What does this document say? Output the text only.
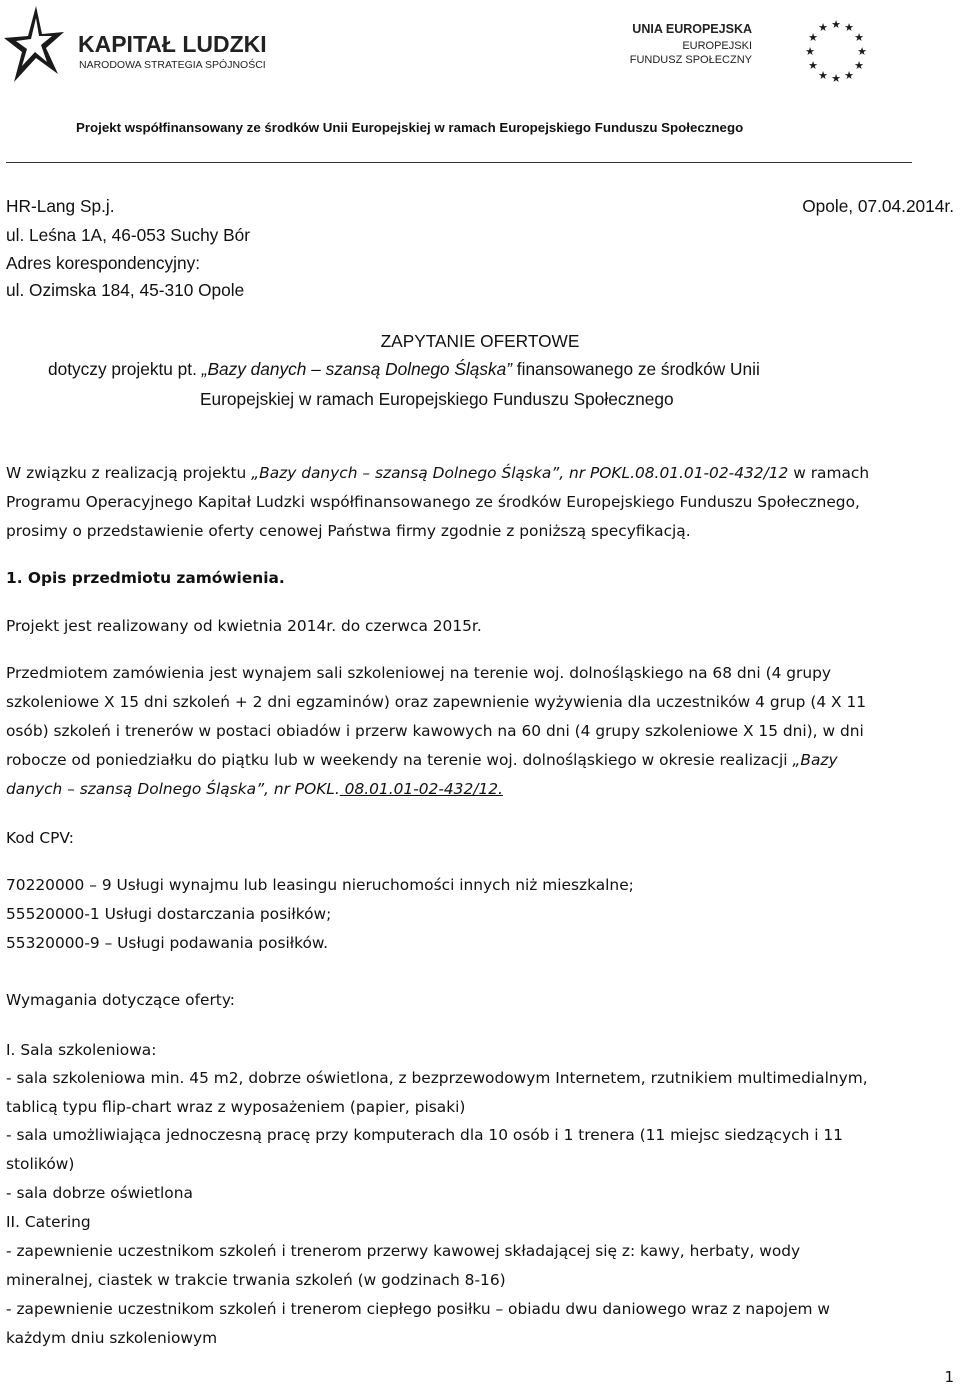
KAPITAŁ LUDZKI
NARODOWA STRATEGIA SPÓJNOŚCI
UNIA EUROPEJSKA
EUROPEJSKI
FUNDUSZ SPOŁECZNY
★ ★
★
★
★
★
★
★
★
★
★
★

Projekt współfinansowany ze środków Unii Europejskiej w ramach Europejskiego Funduszu Społecznego

HR-Lang Sp.j.

ul. Leśna 1A, 46-053 Suchy Bór

Adres korespondencyjny:

ul. Ozimska 184, 45-310 Opole

Opole, 07.04.2014r.

ZAPYTANIE OFERTOWE

dotyczy projektu pt. „Bazy danych – szansą Dolnego Śląska” finansowanego ze środków Unii

Europejskiej w ramach Europejskiego Funduszu Społecznego

W związku z realizacją projektu „Bazy danych – szansą Dolnego Śląska”, nr POKL.08.01.01-02-432/12 w ramach

Programu Operacyjnego Kapitał Ludzki współfinansowanego ze środków Europejskiego Funduszu Społecznego,

prosimy o przedstawienie oferty cenowej Państwa firmy zgodnie z poniższą specyfikacją.

1. Opis przedmiotu zamówienia.

Projekt jest realizowany od kwietnia 2014r. do czerwca 2015r.

Przedmiotem zamówienia jest wynajem sali szkoleniowej na terenie woj. dolnośląskiego na 68 dni (4 grupy

szkoleniowe X 15 dni szkoleń + 2 dni egzaminów) oraz zapewnienie wyżywienia dla uczestników 4 grup (4 X 11

osób) szkoleń i trenerów w postaci obiadów i przerw kawowych na 60 dni (4 grupy szkoleniowe X 15 dni), w dni

robocze od poniedziałku do piątku lub w weekendy na terenie woj. dolnośląskiego w okresie realizacji „Bazy

danych – szansą Dolnego Śląska”, nr POKL. 08.01.01-02-432/12.

Kod CPV:

70220000 – 9 Usługi wynajmu lub leasingu nieruchomości innych niż mieszkalne;

55520000-1 Usługi dostarczania posiłków;

55320000-9 – Usługi podawania posiłków.

Wymagania dotyczące oferty:

I. Sala szkoleniowa:

- sala szkoleniowa min. 45 m2, dobrze oświetlona, z bezprzewodowym Internetem, rzutnikiem multimedialnym,

tablicą typu flip-chart wraz z wyposażeniem (papier, pisaki)

- sala umożliwiająca jednoczesną pracę przy komputerach dla 10 osób i 1 trenera (11 miejsc siedzących i 11

stolików)

- sala dobrze oświetlona

II. Catering

- zapewnienie uczestnikom szkoleń i trenerom przerwy kawowej składającej się z: kawy, herbaty, wody

mineralnej, ciastek w trakcie trwania szkoleń (w godzinach 8-16)

- zapewnienie uczestnikom szkoleń i trenerom ciepłego posiłku – obiadu dwu daniowego wraz z napojem w

każdym dniu szkoleniowym

1
